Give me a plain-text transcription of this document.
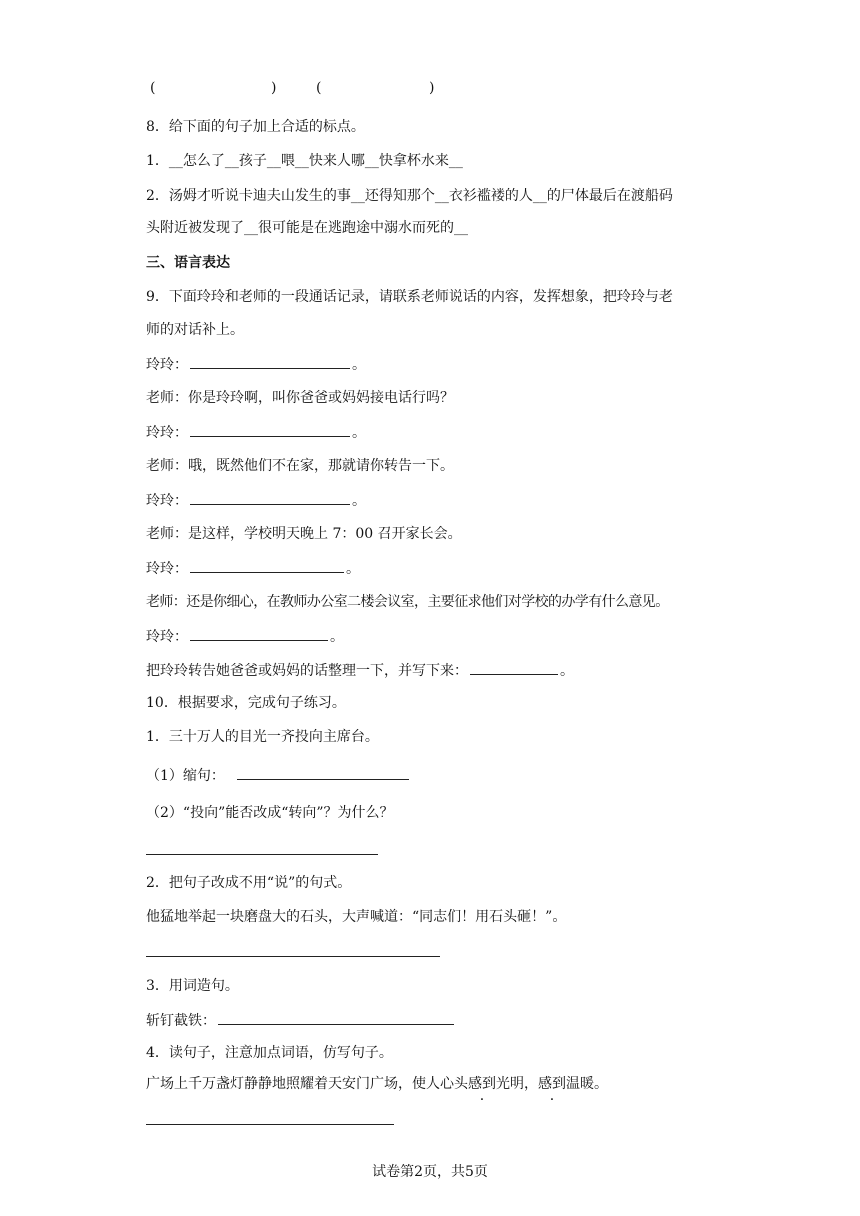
(	)	(	)
8．给下面的句子加上合适的标点。
1．__怎么了__孩子__喂__快来人哪__快拿杯水来__
2．汤姆才听说卡迪夫山发生的事__还得知那个__衣衫褴褛的人__的尸体最后在渡船码
头附近被发现了__很可能是在逃跑途中溺水而死的__
三、语言表达
9．下面玲玲和老师的一段通话记录，请联系老师说话的内容，发挥想象，把玲玲与老
师的对话补上。
玲玲：	。
老师：你是玲玲啊，叫你爸爸或妈妈接电话行吗？
玲玲：	。
老师：哦，既然他们不在家，那就请你转告一下。
玲玲：	。
老师：是这样，学校明天晚上 7：00 召开家长会。
玲玲：	。
老师：还是你细心，在教师办公室二楼会议室，主要征求他们对学校的办学有什么意见。
玲玲：	。
把玲玲转告她爸爸或妈妈的话整理一下，并写下来：	。
10．根据要求，完成句子练习。
1．三十万人的目光一齐投向主席台。
（1）缩句：
（2）“投向”能否改成“转向”？为什么？
2．把句子改成不用“说”的句式。
他猛地举起一块磨盘大的石头，大声喊道：“同志们！用石头砸！”。
3．用词造句。
斩钉截铁：
4．读句子，注意加点词语，仿写句子。
广场上千万盏灯静静地照耀着天安门广场，使人心头感到光明，感到温暖。
试卷第2页，共5页
